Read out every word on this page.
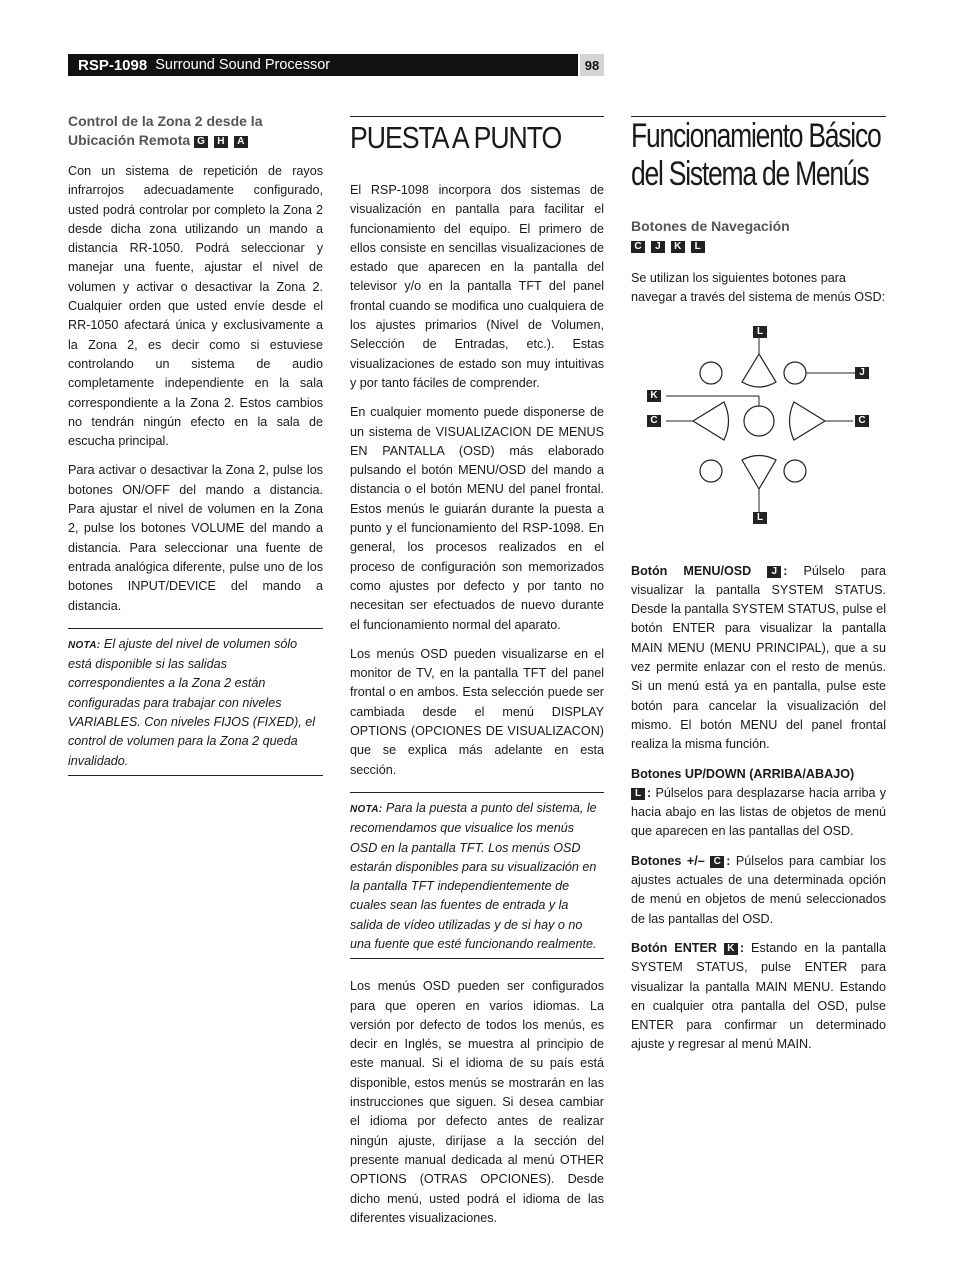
RSP-1098 Surround Sound Processor	98
Control de la Zona 2 desde la Ubicación Remota G H A

Con un sistema de repetición de rayos infrarrojos adecuadamente configurado, usted podrá controlar por completo la Zona 2 desde dicha zona utilizando un mando a distancia RR-1050. Podrá seleccionar y manejar una fuente, ajustar el nivel de volumen y activar o desactivar la Zona 2. Cualquier orden que usted envíe desde el RR-1050 afectará única y exclusivamente a la Zona 2, es decir como si estuviese controlando un sistema de audio completamente independiente en la sala correspondiente a la Zona 2. Estos cambios no tendrán ningún efecto en la sala de escucha principal.

Para activar o desactivar la Zona 2, pulse los botones ON/OFF del mando a distancia. Para ajustar el nivel de volumen en la Zona 2, pulse los botones VOLUME del mando a distancia. Para seleccionar una fuente de entrada analógica diferente, pulse uno de los botones INPUT/DEVICE del mando a distancia.

NOTA: El ajuste del nivel de volumen sólo está disponible si las salidas correspondientes a la Zona 2 están configuradas para trabajar con niveles VARIABLES. Con niveles FIJOS (FIXED), el control de volumen para la Zona 2 queda invalidado.
PUESTA A PUNTO

El RSP-1098 incorpora dos sistemas de visualización en pantalla para facilitar el funcionamiento del equipo. El primero de ellos consiste en sencillas visualizaciones de estado que aparecen en la pantalla del televisor y/o en la pantalla TFT del panel frontal cuando se modifica uno cualquiera de los ajustes primarios (Nivel de Volumen, Selección de Entradas, etc.). Estas visualizaciones de estado son muy intuitivas y por tanto fáciles de comprender.

En cualquier momento puede disponerse de un sistema de VISUALIZACION DE MENUS EN PANTALLA (OSD) más elaborado pulsando el botón MENU/OSD del mando a distancia o el botón MENU del panel frontal. Estos menús le guiarán durante la puesta a punto y el funcionamiento del RSP-1098. En general, los procesos realizados en el proceso de configuración son memorizados como ajustes por defecto y por tanto no necesitan ser efectuados de nuevo durante el funcionamiento normal del aparato.

Los menús OSD pueden visualizarse en el monitor de TV, en la pantalla TFT del panel frontal o en ambos. Esta selección puede ser cambiada desde el menú DISPLAY OPTIONS (OPCIONES DE VISUALIZACON) que se explica más adelante en esta sección.

NOTA: Para la puesta a punto del sistema, le recomendamos que visualice los menús OSD en la pantalla TFT. Los menús OSD estarán disponibles para su visualización en la pantalla TFT independientemente de cuales sean las fuentes de entrada y la salida de vídeo utilizadas y de si hay o no una fuente que esté funcionando realmente.

Los menús OSD pueden ser configurados para que operen en varios idiomas. La versión por defecto de todos los menús, es decir en Inglés, se muestra al principio de este manual. Si el idioma de su país está disponible, estos menús se mostrarán en las instrucciones que siguen. Si desea cambiar el idioma por defecto antes de realizar ningún ajuste, diríjase a la sección del presente manual dedicada al menú OTHER OPTIONS (OTRAS OPCIONES). Desde dicho menú, usted podrá el idioma de las diferentes visualizaciones.

Funcionamiento Básico
del Sistema de Menús
Botones de Navegación
C J K L

Se utilizan los siguientes botones para navegar a través del sistema de menús OSD:

L
L
J
K
C	C

Botón MENU/OSD J : Púlselo para visualizar la pantalla SYSTEM STATUS. Desde la pantalla SYSTEM STATUS, pulse el botón ENTER para visualizar la pantalla MAIN MENU (MENU PRINCIPAL), que a su vez permite enlazar con el resto de menús. Si un menú está ya en pantalla, pulse este botón para cancelar la visualización del mismo. El botón MENU del panel frontal realiza la misma función.

Botones UP/DOWN (ARRIBA/ABAJO)
L : Púlselos para desplazarse hacia arriba y hacia abajo en las listas de objetos de menú que aparecen en las pantallas del OSD.

Botones +/– C : Púlselos para cambiar los ajustes actuales de una determinada opción de menú en objetos de menú seleccionados de las pantallas del OSD.

Botón ENTER K : Estando en la pantalla SYSTEM STATUS, pulse ENTER para visualizar la pantalla MAIN MENU. Estando en cualquier otra pantalla del OSD, pulse ENTER para confirmar un determinado ajuste y regresar al menú MAIN.
